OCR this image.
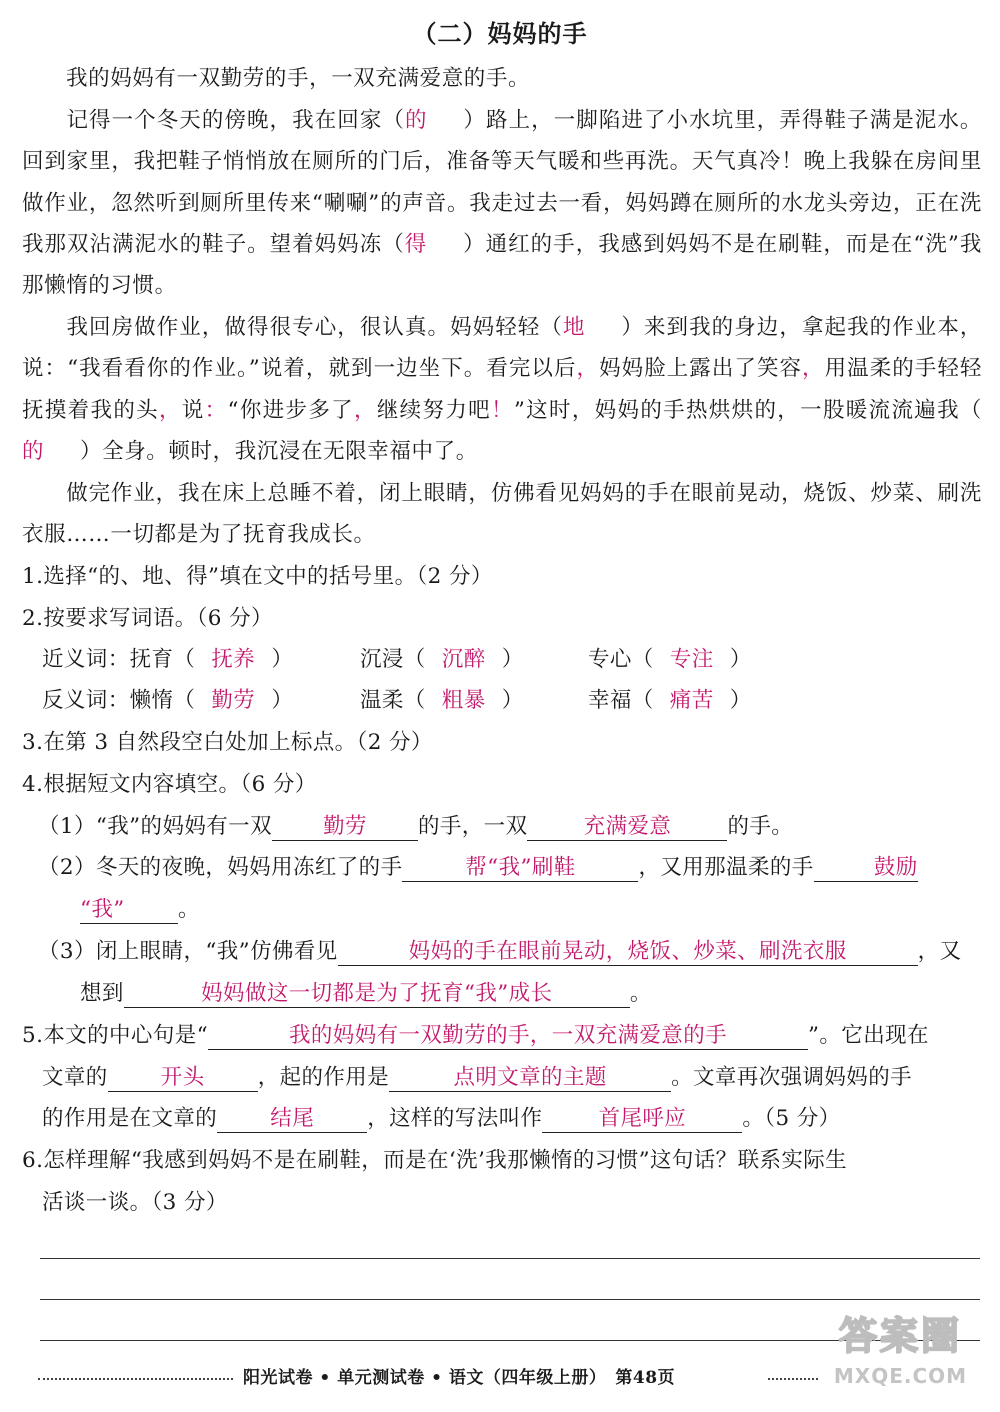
（二）妈妈的手
我的妈妈有一双勤劳的手，一双充满爱意的手。
记得一个冬天的傍晚，我在回家（的 ）路上，一脚陷进了小水坑里，弄得鞋子满是泥水。回到家里，我把鞋子悄悄放在厕所的门后，准备等天气暖和些再洗。天气真冷！晚上我躲在房间里做作业，忽然听到厕所里传来“唰唰”的声音。我走过去一看，妈妈蹲在厕所的水龙头旁边，正在洗我那双沾满泥水的鞋子。望着妈妈冻（得 ）通红的手，我感到妈妈不是在刷鞋，而是在“洗”我那懒惰的习惯。
我回房做作业，做得很专心，很认真。妈妈轻轻（地 ）来到我的身边，拿起我的作业本，说：“我看看你的作业。”说着，就到一边坐下。看完以后，妈妈脸上露出了笑容，用温柔的手轻轻抚摸着我的头，说：“你进步多了，继续努力吧！”这时，妈妈的手热烘烘的，一股暖流流遍我（的 ）全身。顿时，我沉浸在无限幸福中了。
做完作业，我在床上总睡不着，闭上眼睛，仿佛看见妈妈的手在眼前晃动，烧饭、炒菜、刷洗衣服……一切都是为了抚育我成长。
1.选择“的、地、得”填在文中的括号里。（2 分）
2.按要求写词语。（6 分）
近义词：抚育（ 抚养 ）	沉浸（ 沉醉 ）	专心（ 专注 ）
反义词：懒惰（ 勤劳 ）	温柔（ 粗暴 ）	幸福（ 痛苦 ）
3.在第 3 自然段空白处加上标点。（2 分）
4.根据短文内容填空。（6 分）
（1）“我”的妈妈有一双 勤劳 的手，一双	充满爱意	的手。
（2）冬天的夜晚，妈妈用冻红了的手	帮“我”刷鞋	，又用那温柔的手	鼓励
“我” 。
（3）闭上眼睛，“我”仿佛看见	妈妈的手在眼前晃动，烧饭、炒菜、刷洗衣服	，又
想到	妈妈做这一切都是为了抚育“我”成长	。
5.本文的中心句是“	我的妈妈有一双勤劳的手，一双充满爱意的手	”。它出现在
文章的 开头 ，起的作用是	点明文章的主题	。文章再次强调妈妈的手
的作用是在文章的 结尾 ，这样的写法叫作	首尾呼应	。（5 分）
6.怎样理解“我感到妈妈不是在刷鞋，而是在‘洗’我那懒惰的习惯”这句话？联系实际生
活谈一谈。（3 分）
阳光试卷 • 单元测试卷 • 语文（四年级上册）　第48页
答案圈
MXQE.COM
